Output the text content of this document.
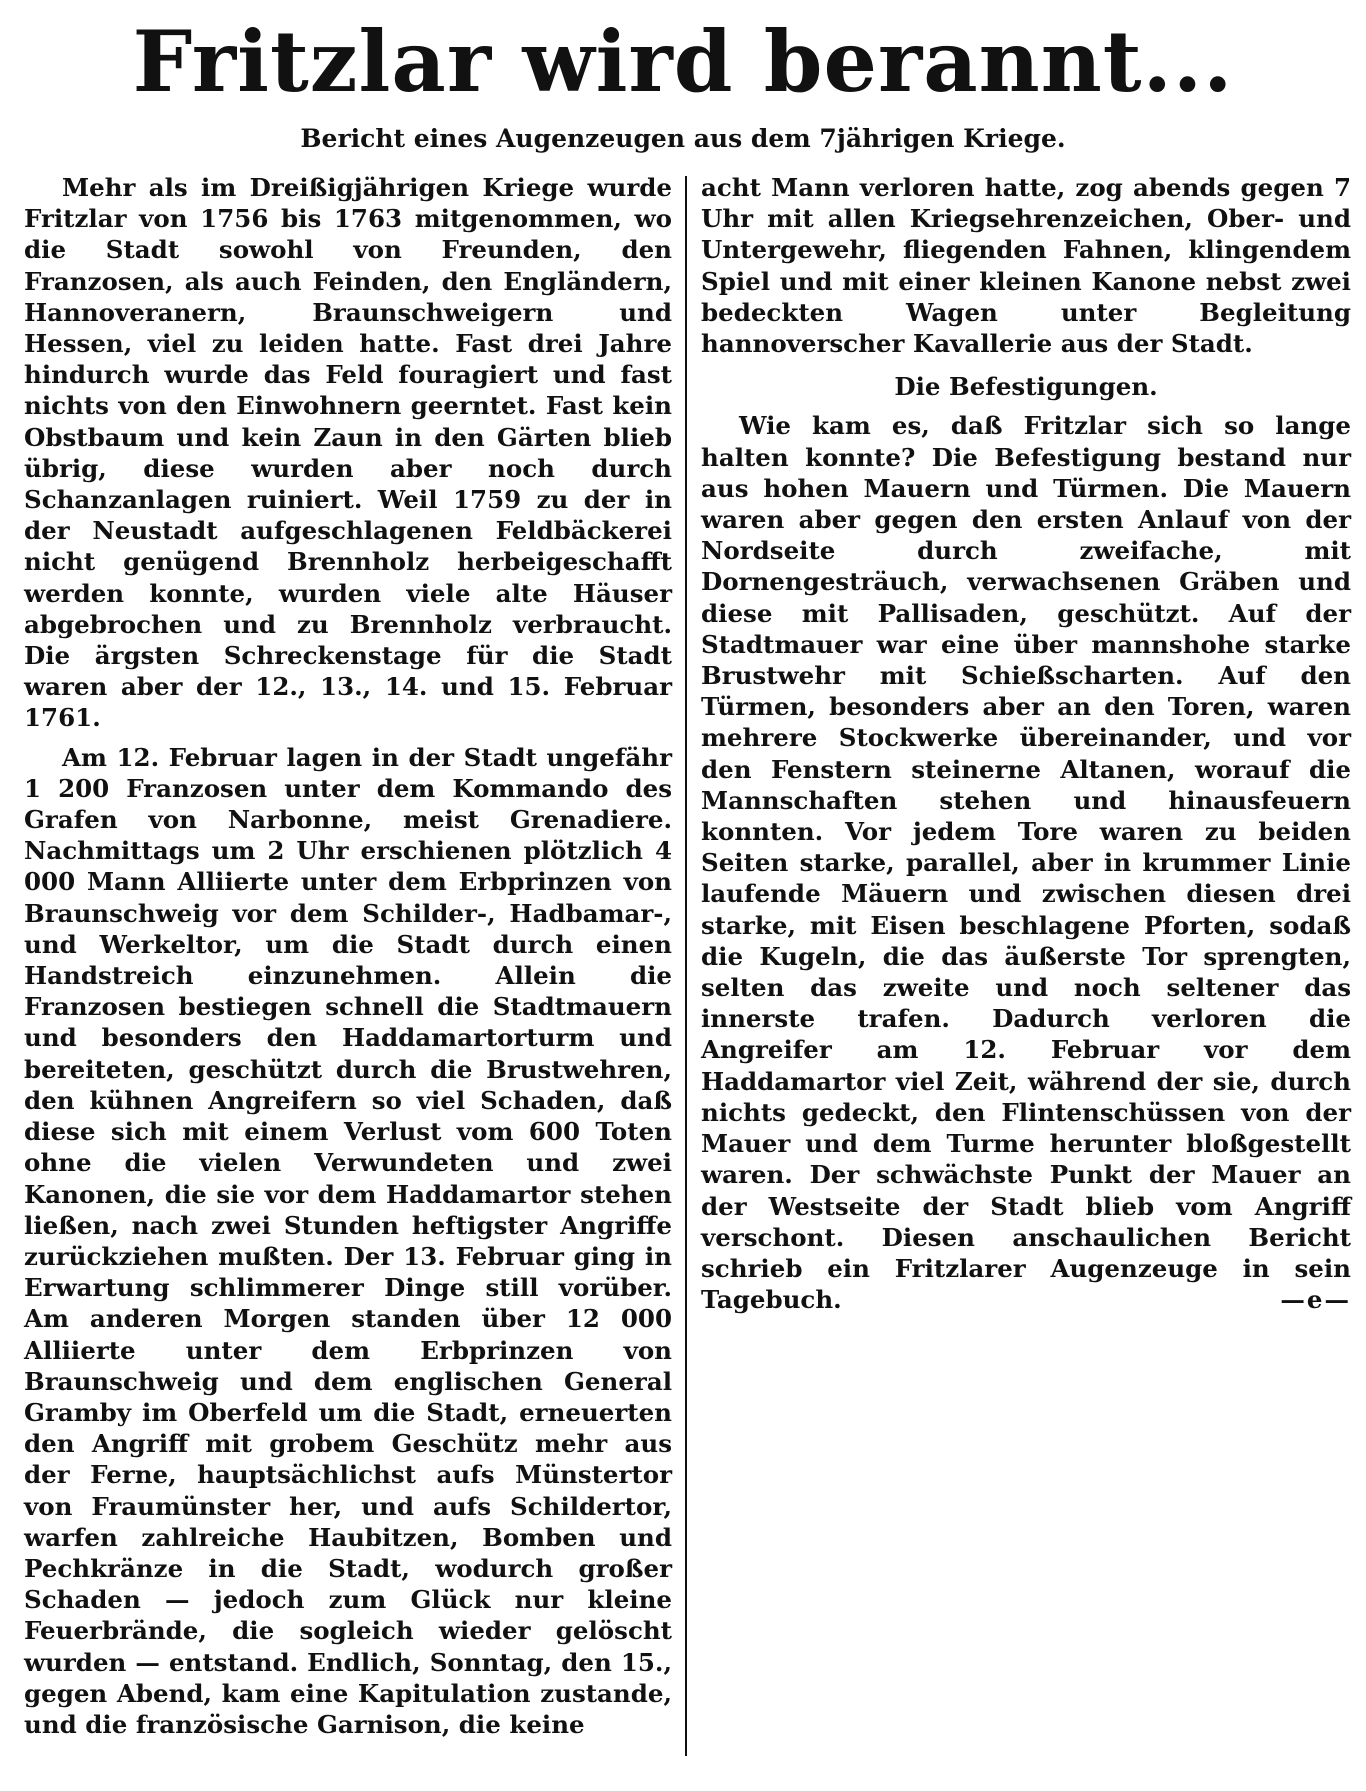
Fritzlar wird berannt...
Bericht eines Augenzeugen aus dem 7jährigen Kriege.

Mehr als im Dreißigjährigen Kriege wurde Fritzlar von 1756 bis 1763 mitgenommen, wo die Stadt sowohl von Freunden, den Franzosen, als auch Feinden, den Engländern, Hannoveranern, Braunschweigern und Hessen, viel zu leiden hatte. Fast drei Jahre hindurch wurde das Feld fouragiert und fast nichts von den Einwohnern geerntet. Fast kein Obstbaum und kein Zaun in den Gärten blieb übrig, diese wurden aber noch durch Schanzanlagen ruiniert. Weil 1759 zu der in der Neustadt aufgeschlagenen Feldbäckerei nicht genügend Brennholz herbeigeschafft werden konnte, wurden viele alte Häuser abgebrochen und zu Brennholz verbraucht. Die ärgsten Schreckenstage für die Stadt waren aber der 12., 13., 14. und 15. Februar 1761.

Am 12. Februar lagen in der Stadt ungefähr 1 200 Franzosen unter dem Kommando des Grafen von Narbonne, meist Grenadiere. Nachmittags um 2 Uhr erschienen plötzlich 4 000 Mann Alliierte unter dem Erbprinzen von Braunschweig vor dem Schilder-, Hadbamar-, und Werkeltor, um die Stadt durch einen Handstreich einzunehmen. Allein die Franzosen bestiegen schnell die Stadtmauern und besonders den Haddamartorturm und bereiteten, geschützt durch die Brustwehren, den kühnen Angreifern so viel Schaden, daß diese sich mit einem Verlust vom 600 Toten ohne die vielen Verwundeten und zwei Kanonen, die sie vor dem Haddamartor stehen ließen, nach zwei Stunden heftigster Angriffe zurückziehen mußten. Der 13. Februar ging in Erwartung schlimmerer Dinge still vorüber. Am anderen Morgen standen über 12 000 Alliierte unter dem Erbprinzen von Braunschweig und dem englischen General Gramby im Oberfeld um die Stadt, erneuerten den Angriff mit grobem Geschütz mehr aus der Ferne, hauptsächlichst aufs Münstertor von Fraumünster her, und aufs Schildertor, warfen zahlreiche Haubitzen, Bomben und Pechkränze in die Stadt, wodurch großer Schaden — jedoch zum Glück nur kleine Feuerbrände, die sogleich wieder gelöscht wurden — entstand. Endlich, Sonntag, den 15., gegen Abend, kam eine Kapitulation zustande, und die französische Garnison, die keine

acht Mann verloren hatte, zog abends gegen 7 Uhr mit allen Kriegsehrenzeichen, Ober- und Untergewehr, fliegenden Fahnen, klingendem Spiel und mit einer kleinen Kanone nebst zwei bedeckten Wagen unter Begleitung hannoverscher Kavallerie aus der Stadt.

Die Befestigungen.

Wie kam es, daß Fritzlar sich so lange halten konnte? Die Befestigung bestand nur aus hohen Mauern und Türmen. Die Mauern waren aber gegen den ersten Anlauf von der Nordseite durch zweifache, mit Dornengesträuch, verwachsenen Gräben und diese mit Pallisaden, geschützt. Auf der Stadtmauer war eine über mannshohe starke Brustwehr mit Schießscharten. Auf den Türmen, besonders aber an den Toren, waren mehrere Stockwerke übereinander, und vor den Fenstern steinerne Altanen, worauf die Mannschaften stehen und hinausfeuern konnten. Vor jedem Tore waren zu beiden Seiten starke, parallel, aber in krummer Linie laufende Mäuern und zwischen diesen drei starke, mit Eisen beschlagene Pforten, sodaß die Kugeln, die das äußerste Tor sprengten, selten das zweite und noch seltener das innerste trafen. Dadurch verloren die Angreifer am 12. Februar vor dem Haddamartor viel Zeit, während der sie, durch nichts gedeckt, den Flintenschüssen von der Mauer und dem Turme herunter bloßgestellt waren. Der schwächste Punkt der Mauer an der Westseite der Stadt blieb vom Angriff verschont. Diesen anschaulichen Bericht schrieb ein Fritzlarer Augenzeuge in sein Tagebuch.	—e—
